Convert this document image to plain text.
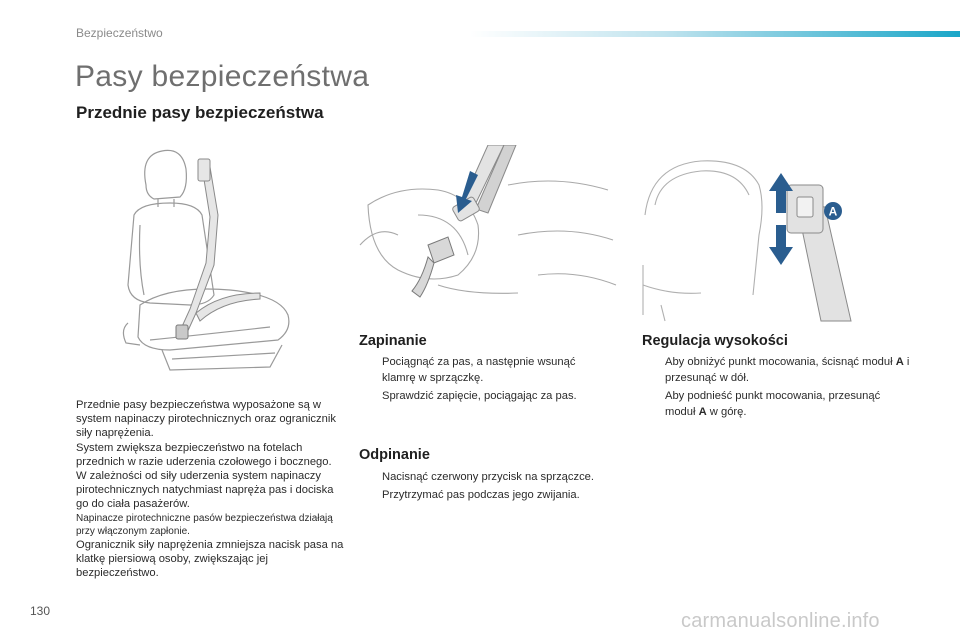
Bezpieczeństwo
Pasy bezpieczeństwa
Przednie pasy bezpieczeństwa
A

Przednie pasy bezpieczeństwa wyposażone są w system napinaczy pirotechnicznych oraz ogranicznik siły naprężenia.

System zwiększa bezpieczeństwo na fotelach przednich w razie uderzenia czołowego i bocznego. W zależności od siły uderzenia system napinaczy pirotechnicznych natychmiast napręża pas i dociska go do ciała pasażerów.

Napinacze pirotechniczne pasów bezpieczeństwa działają przy włączonym zapłonie.

Ogranicznik siły naprężenia zmniejsza nacisk pasa na klatkę piersiową osoby, zwiększając jej bezpieczeństwo.

Zapinanie
Pociągnąć za pas, a następnie wsunąć klamrę w sprzączkę.
Sprawdzić zapięcie, pociągając za pas.
Odpinanie
Nacisnąć czerwony przycisk na sprzączce.
Przytrzymać pas podczas jego zwijania.
Regulacja wysokości
Aby obniżyć punkt mocowania, ścisnąć moduł A i przesunąć w dół.
Aby podnieść punkt mocowania, przesunąć moduł A w górę.
130	carmanualsonline.info
